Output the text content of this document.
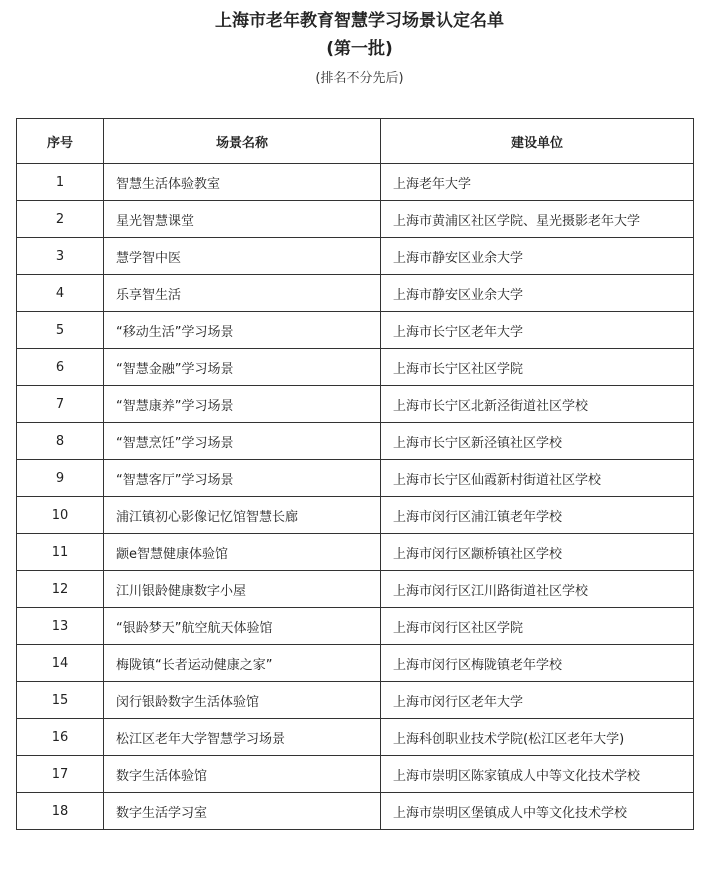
上海市老年教育智慧学习场景认定名单
(第一批)
(排名不分先后)
序号	场景名称	建设单位
1	智慧生活体验教室	上海老年大学
2	星光智慧课堂	上海市黄浦区社区学院、星光摄影老年大学
3	慧学智中医	上海市静安区业余大学
4	乐享智生活	上海市静安区业余大学
5	“移动生活”学习场景	上海市长宁区老年大学
6	“智慧金融”学习场景	上海市长宁区社区学院
7	“智慧康养”学习场景	上海市长宁区北新泾街道社区学校
8	“智慧烹饪”学习场景	上海市长宁区新泾镇社区学校
9	“智慧客厅”学习场景	上海市长宁区仙霞新村街道社区学校
10	浦江镇初心影像记忆馆智慧长廊	上海市闵行区浦江镇老年学校
11	颛e智慧健康体验馆	上海市闵行区颛桥镇社区学校
12	江川银龄健康数字小屋	上海市闵行区江川路街道社区学校
13	“银龄梦天”航空航天体验馆	上海市闵行区社区学院
14	梅陇镇“长者运动健康之家”	上海市闵行区梅陇镇老年学校
15	闵行银龄数字生活体验馆	上海市闵行区老年大学
16	松江区老年大学智慧学习场景	上海科创职业技术学院(松江区老年大学)
17	数字生活体验馆	上海市崇明区陈家镇成人中等文化技术学校
18	数字生活学习室	上海市崇明区堡镇成人中等文化技术学校
